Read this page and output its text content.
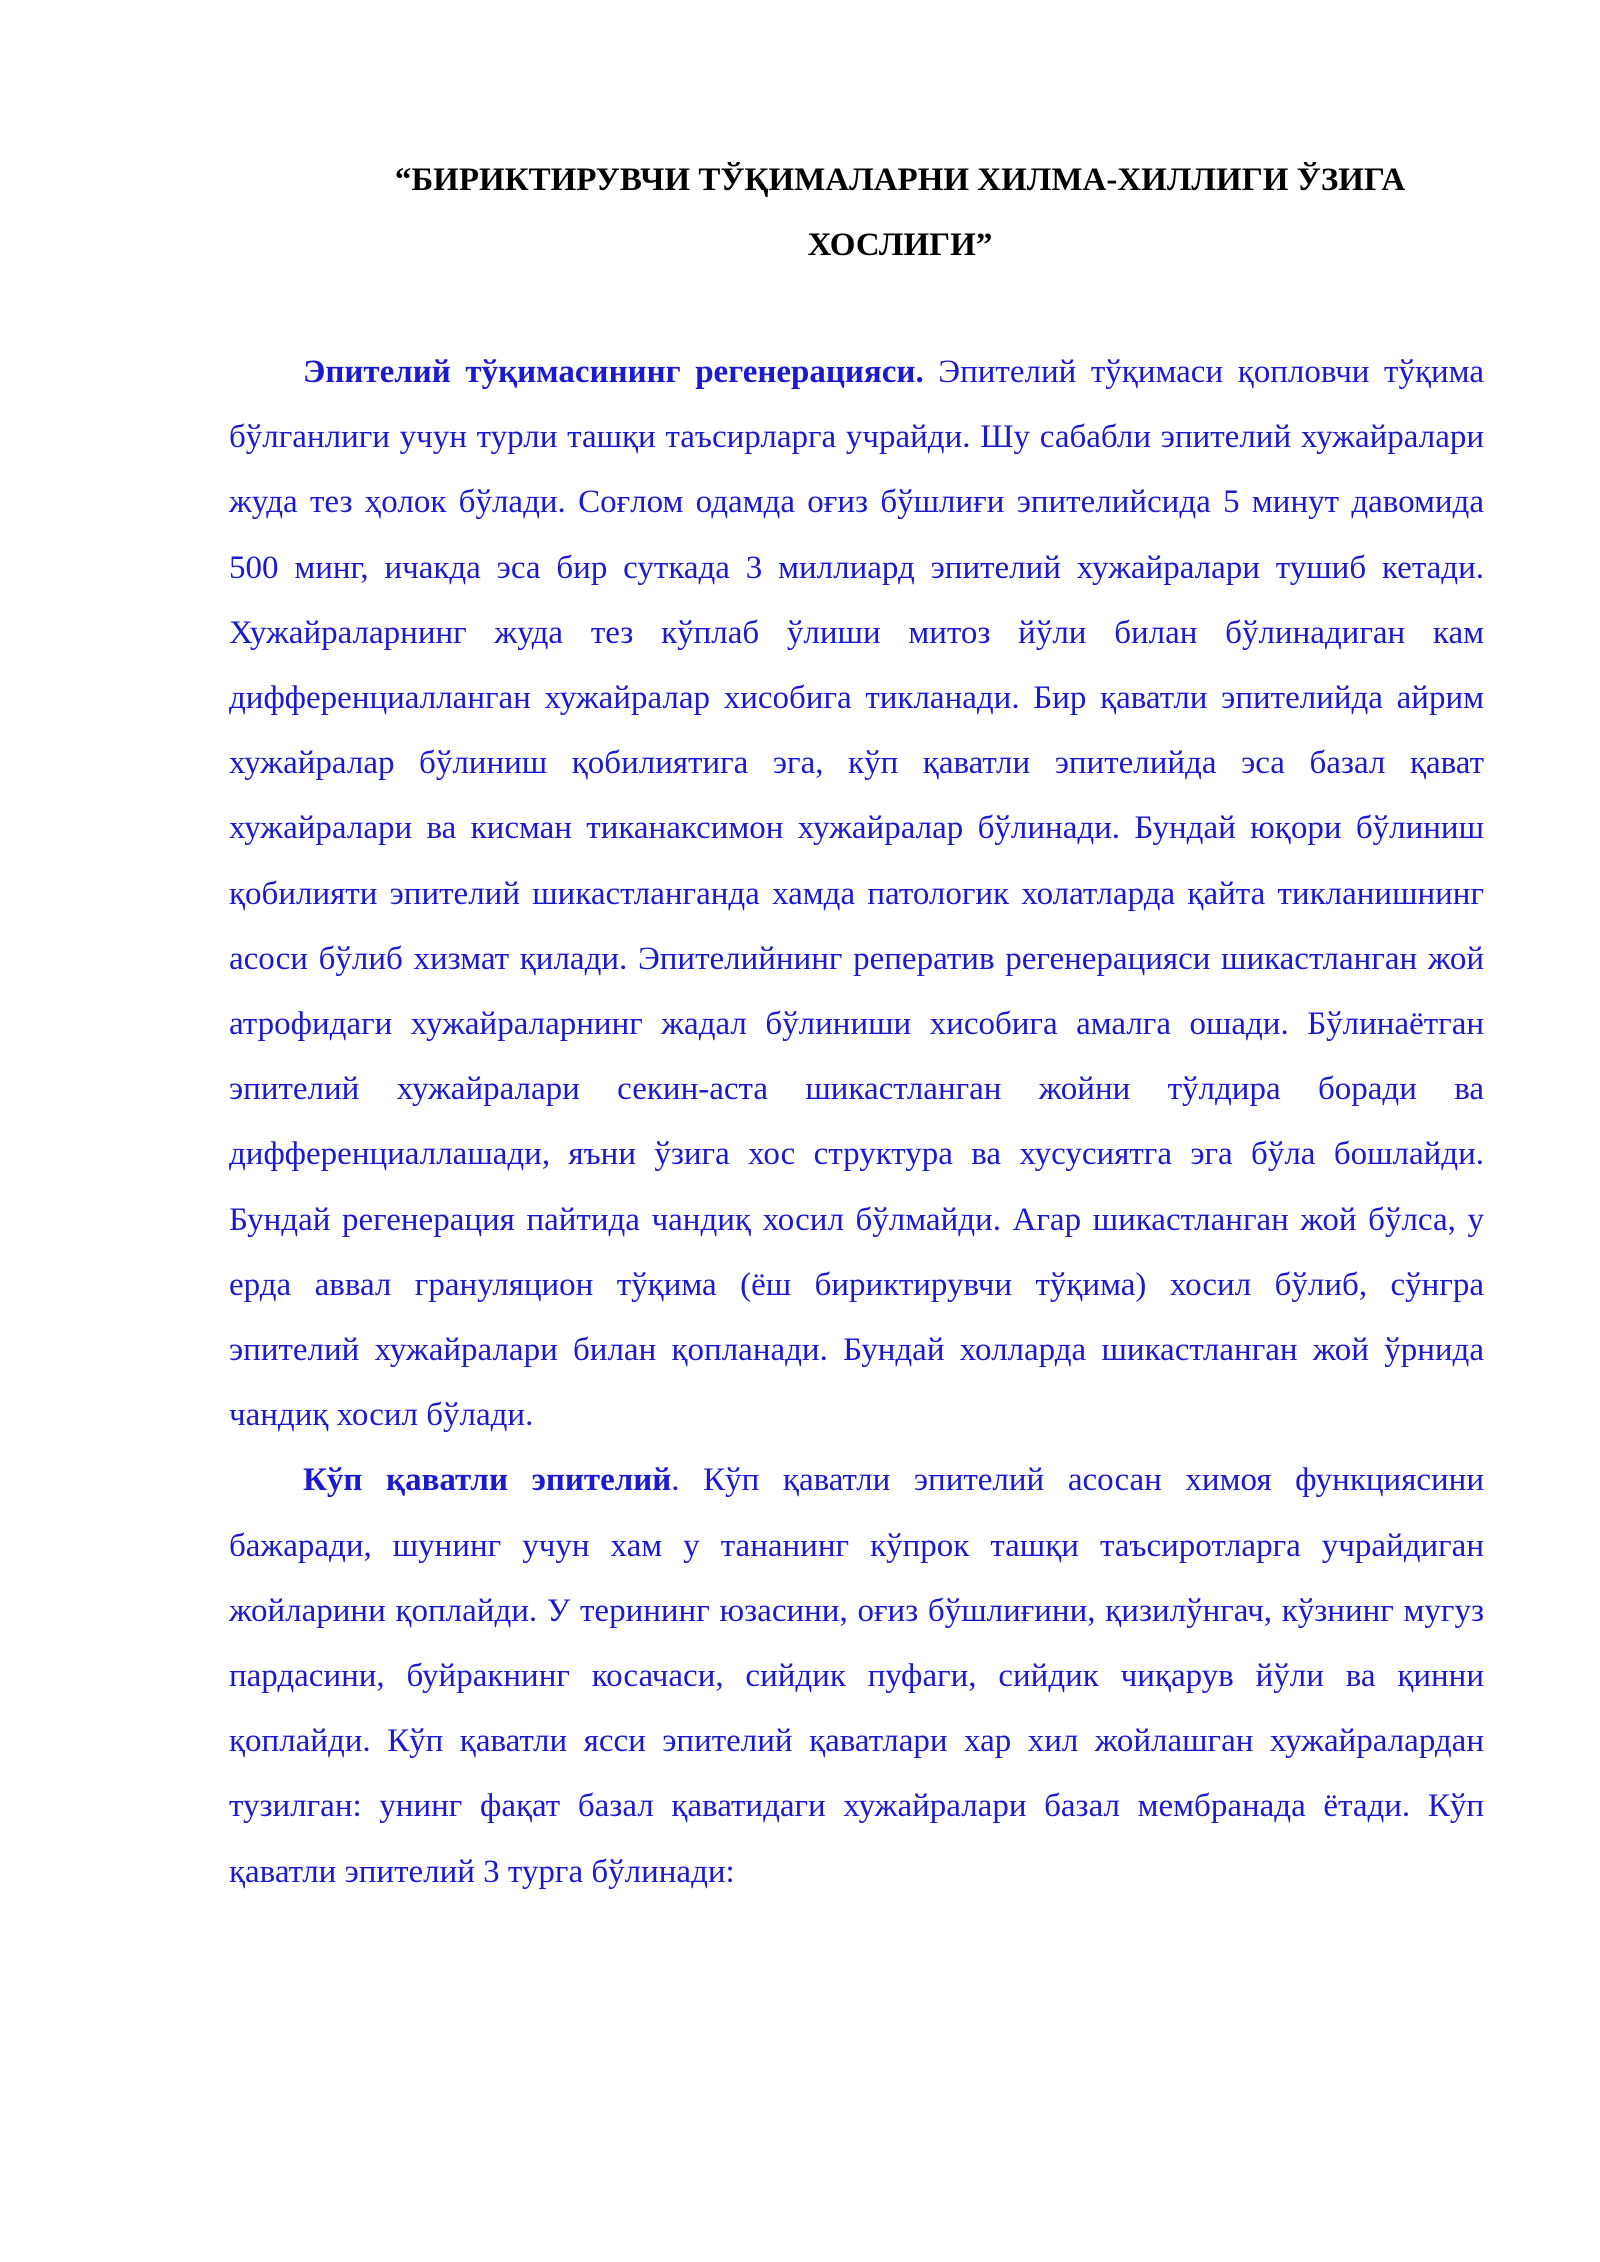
“БИРИКТИРУВЧИ ТЎҚИМАЛАРНИ ХИЛМА-ХИЛЛИГИ ЎЗИГА ХОСЛИГИ”

Эпителий тўқимасининг регенерацияси. Эпителий тўқимаси қопловчи тўқима бўлганлиги учун турли ташқи таъсирларга учрайди. Шу сабабли эпителий хужайралари жуда тез ҳолок бўлади. Соғлом одамда оғиз бўшлиғи эпителийсида 5 минут давомида 500 минг, ичакда эса бир суткада 3 миллиард эпителий хужайралари тушиб кетади. Хужайраларнинг жуда тез кўплаб ўлиши митоз йўли билан бўлинадиган кам дифференциалланган хужайралар хисобига тикланади. Бир қаватли эпителийда айрим хужайралар бўлиниш қобилиятига эга, кўп қаватли эпителийда эса базал қават хужайралари ва кисман тиканаксимон хужайралар бўлинади. Бундай юқори бўлиниш қобилияти эпителий шикастланганда хамда патологик холатларда қайта тикланишнинг асоси бўлиб хизмат қилади. Эпителийнинг реператив регенерацияси шикастланган жой атрофидаги хужайраларнинг жадал бўлиниши хисобига амалга ошади. Бўлинаётган эпителий хужайралари секин-аста шикастланган жойни тўлдира боради ва дифференциаллашади, яъни ўзига хос структура ва хусусиятга эга бўла бошлайди. Бундай регенерация пайтида чандиқ хосил бўлмайди. Агар шикастланган жой бўлса, у ерда аввал грануляцион тўқима (ёш бириктирувчи тўқима) хосил бўлиб, сўнгра эпителий хужайралари билан қопланади. Бундай холларда шикастланган жой ўрнида чандиқ хосил бўлади.

Кўп қаватли эпителий. Кўп қаватли эпителий асосан химоя функциясини бажаради, шунинг учун хам у тананинг кўпрок ташқи таъсиротларга учрайдиган жойларини қоплайди. У терининг юзасини, оғиз бўшлиғини, қизилўнгач, кўзнинг мугуз пардасини, буйракнинг косачаси, сийдик пуфаги, сийдик чиқарув йўли ва қинни қоплайди. Кўп қаватли ясси эпителий қаватлари хар хил жойлашган хужайралардан тузилган: унинг фақат базал қаватидаги хужайралари базал мембранада ётади. Кўп қаватли эпителий 3 турга бўлинади:
